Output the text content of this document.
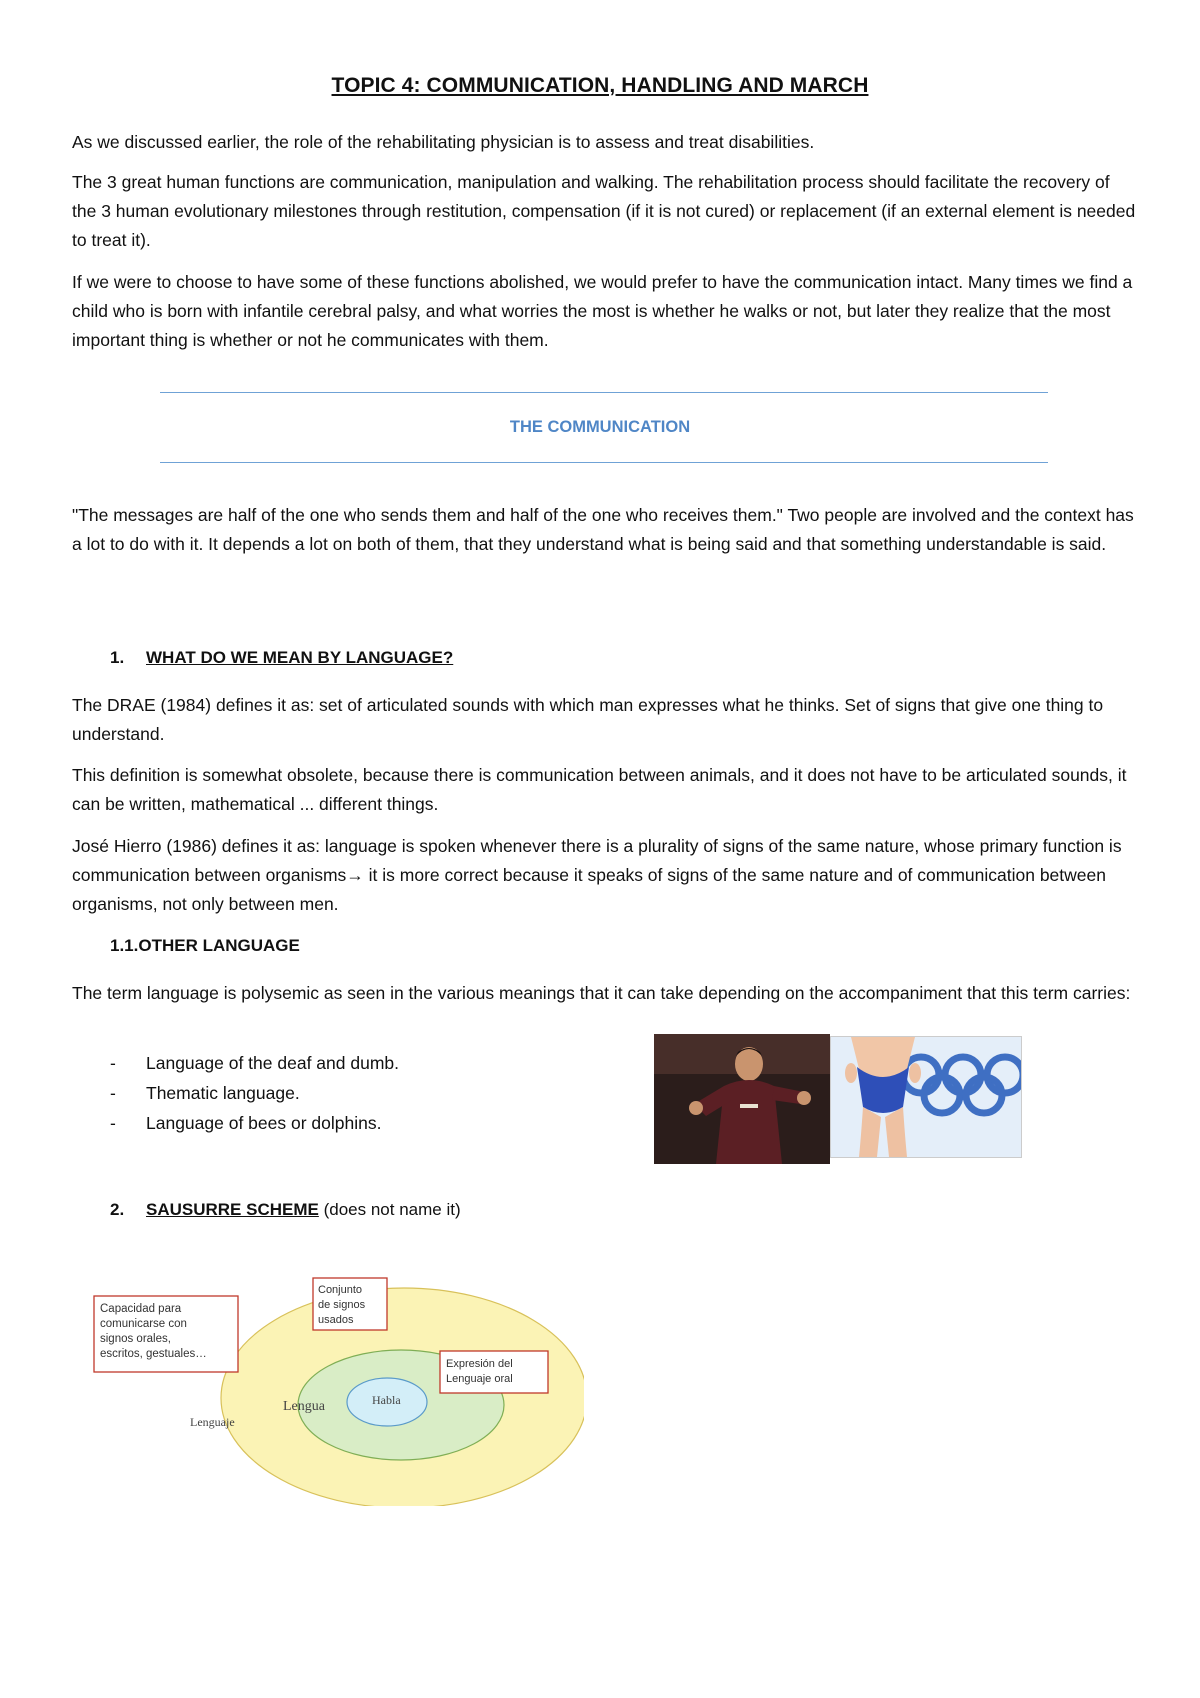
TOPIC 4: COMMUNICATION, HANDLING AND MARCH

As we discussed earlier, the role of the rehabilitating physician is to assess and treat disabilities.

The 3 great human functions are communication, manipulation and walking. The rehabilitation process should facilitate the recovery of the 3 human evolutionary milestones through restitution, compensation (if it is not cured) or replacement (if an external element is needed to treat it).

If we were to choose to have some of these functions abolished, we would prefer to have the communication intact. Many times we find a child who is born with infantile cerebral palsy, and what worries the most is whether he walks or not, but later they realize that the most important thing is whether or not he communicates with them.

THE COMMUNICATION

"The messages are half of the one who sends them and half of the one who receives them." Two people are involved and the context has a lot to do with it. It depends a lot on both of them, that they understand what is being said and that something understandable is said.

1. WHAT DO WE MEAN BY LANGUAGE?

The DRAE (1984) defines it as: set of articulated sounds with which man expresses what he thinks. Set of signs that give one thing to understand.

This definition is somewhat obsolete, because there is communication between animals, and it does not have to be articulated sounds, it can be written, mathematical ... different things.

José Hierro (1986) defines it as: language is spoken whenever there is a plurality of signs of the same nature, whose primary function is communication between organisms→ it is more correct because it speaks of signs of the same nature and of communication between organisms, not only between men.

1.1.OTHER LANGUAGE

The term language is polysemic as seen in the various meanings that it can take depending on the accompaniment that this term carries:

- Language of the deaf and dumb.
- Thematic language.
- Language of bees or dolphins.
2. SAUSURRE SCHEME (does not name it)
Lenguaje
Lengua	Habla
Capacidad para comunicarse con signos orales, escritos, gestuales…
Conjunto de signos usados
Expresión del Lenguaje oral
